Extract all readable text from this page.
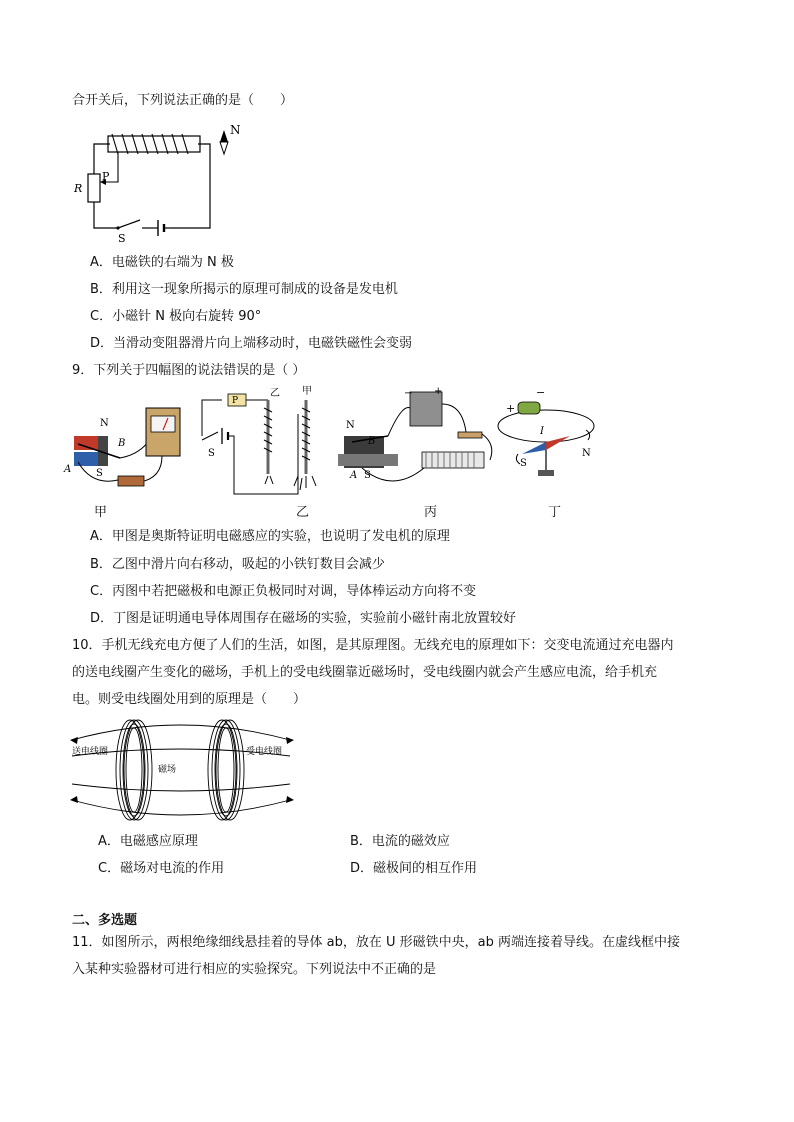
合开关后，下列说法正确的是（　　）
N
P
R
S
A．电磁铁的右端为 N 极
B．利用这一现象所揭示的原理可制成的设备是发电机
C．小磁针 N 极向右旋转 90°
D．当滑动变阻器滑片向上端移动时，电磁铁磁性会变弱
9．下列关于四幅图的说法错误的是（ ）
N
A
B
S
P
S
乙 甲
N
B
A S
− +
+
−
I
S
N
甲	乙	丙	丁
A．甲图是奥斯特证明电磁感应的实验，也说明了发电机的原理
B．乙图中滑片向右移动，吸起的小铁钉数目会减少
C．丙图中若把磁极和电源正负极同时对调，导体棒运动方向将不变
D．丁图是证明通电导体周围存在磁场的实验，实验前小磁针南北放置较好
10．手机无线充电方便了人们的生活，如图，是其原理图。无线充电的原理如下：交变电流通过充电器内
的送电线圈产生变化的磁场，手机上的受电线圈靠近磁场时，受电线圈内就会产生感应电流，给手机充
电。则受电线圈处用到的原理是（　　）
送电线圈
磁场
受电线圈
A．电磁感应原理	B．电流的磁效应
C．磁场对电流的作用	D．磁极间的相互作用
二、多选题
11．如图所示，两根绝缘细线悬挂着的导体 ab，放在 U 形磁铁中央，ab 两端连接着导线。在虚线框中接
入某种实验器材可进行相应的实验探究。下列说法中不正确的是
